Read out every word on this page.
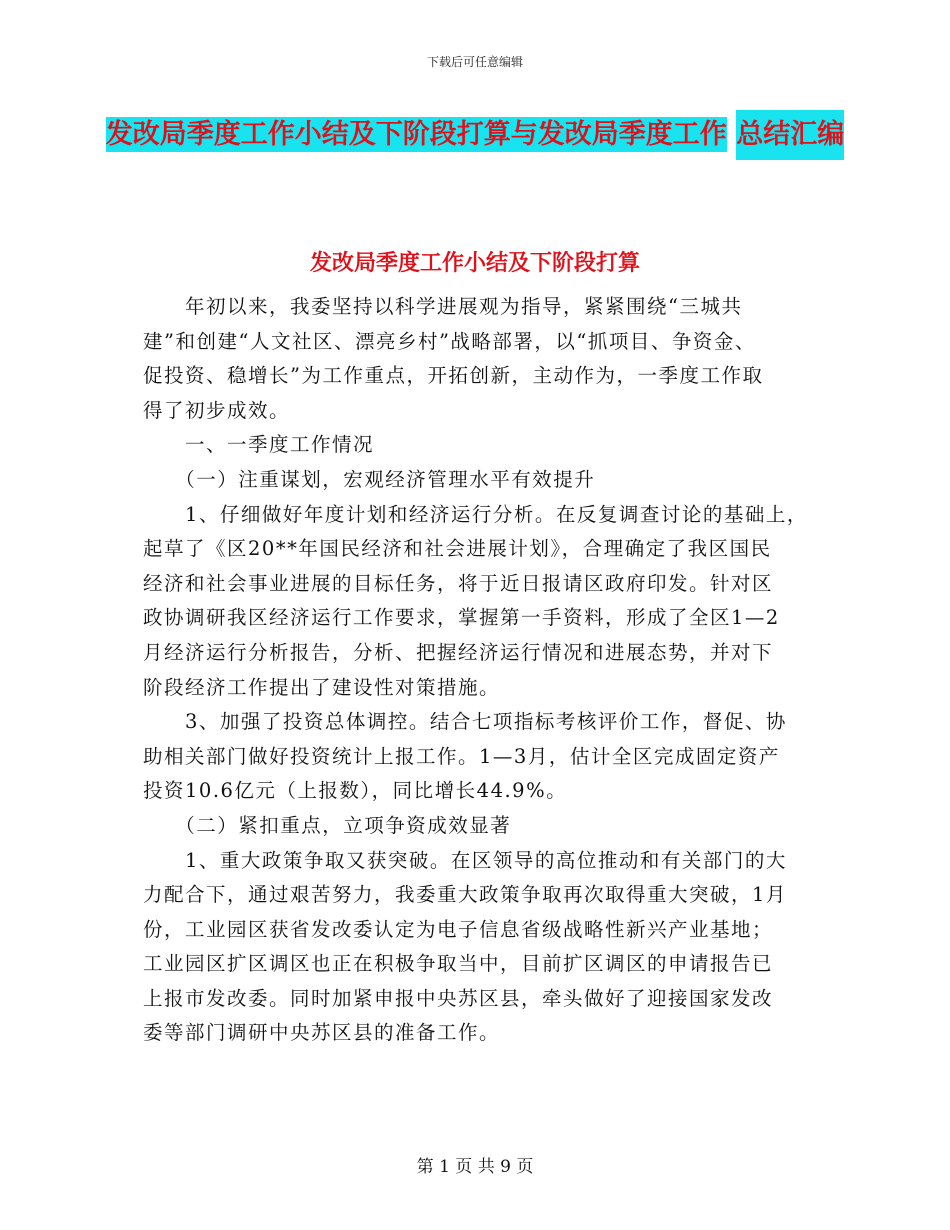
下载后可任意编辑
发改局季度工作小结及下阶段打算与发改局季度工作 总结汇编
发改局季度工作小结及下阶段打算

　　年初以来，我委坚持以科学进展观为指导，紧紧围绕“三城共

建”和创建“人文社区、漂亮乡村”战略部署，以“抓项目、争资金、

促投资、稳增长”为工作重点，开拓创新，主动作为，一季度工作取

得了初步成效。

　　一、一季度工作情况

　　（一）注重谋划，宏观经济管理水平有效提升

　　1、仔细做好年度计划和经济运行分析。在反复调查讨论的基础上，

起草了《区20**年国民经济和社会进展计划》，合理确定了我区国民

经济和社会事业进展的目标任务，将于近日报请区政府印发。针对区

政协调研我区经济运行工作要求，掌握第一手资料，形成了全区1—2

月经济运行分析报告，分析、把握经济运行情况和进展态势，并对下

阶段经济工作提出了建设性对策措施。

　　3、加强了投资总体调控。结合七项指标考核评价工作，督促、协

助相关部门做好投资统计上报工作。1—3月，估计全区完成固定资产

投资10.6亿元（上报数），同比增长44.9%。

　　（二）紧扣重点，立项争资成效显著

　　1、重大政策争取又获突破。在区领导的高位推动和有关部门的大

力配合下，通过艰苦努力，我委重大政策争取再次取得重大突破，1月

份，工业园区获省发改委认定为电子信息省级战略性新兴产业基地；

工业园区扩区调区也正在积极争取当中，目前扩区调区的申请报告已

上报市发改委。同时加紧申报中央苏区县，牵头做好了迎接国家发改

委等部门调研中央苏区县的准备工作。

第 1 页 共 9 页
